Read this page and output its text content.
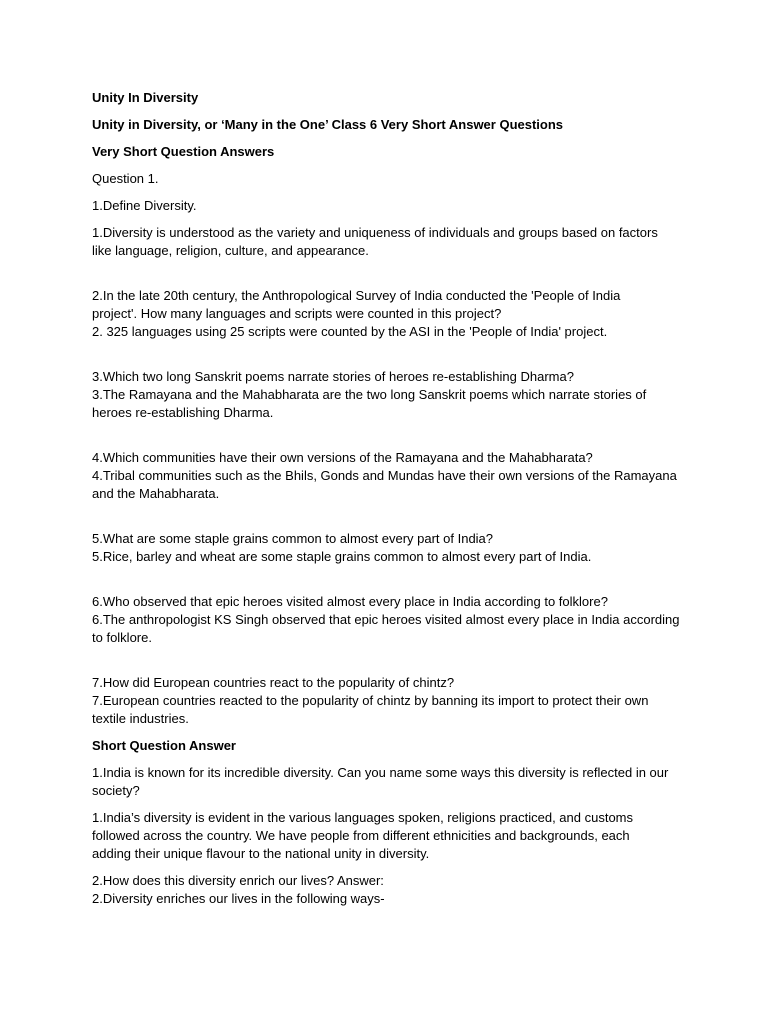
Unity In Diversity

Unity in Diversity, or ‘Many in the One’ Class 6 Very Short Answer Questions

Very Short Question Answers

Question 1.

1.Define Diversity.

1.Diversity is understood as the variety and uniqueness of individuals and groups based on factors

like language, religion, culture, and appearance.

2.In the late 20th century, the Anthropological Survey of India conducted the 'People of India

project'. How many languages and scripts were counted in this project?

2. 325 languages using 25 scripts were counted by the ASI in the 'People of India' project.

3.Which two long Sanskrit poems narrate stories of heroes re-establishing Dharma?

3.The Ramayana and the Mahabharata are the two long Sanskrit poems which narrate stories of

heroes re-establishing Dharma.

4.Which communities have their own versions of the Ramayana and the Mahabharata?

4.Tribal communities such as the Bhils, Gonds and Mundas have their own versions of the Ramayana

and the Mahabharata.

5.What are some staple grains common to almost every part of India?

5.Rice, barley and wheat are some staple grains common to almost every part of India.

6.Who observed that epic heroes visited almost every place in India according to folklore?

6.The anthropologist KS Singh observed that epic heroes visited almost every place in India according

to folklore.

7.How did European countries react to the popularity of chintz?

7.European countries reacted to the popularity of chintz by banning its import to protect their own

textile industries.

Short Question Answer

1.India is known for its incredible diversity. Can you name some ways this diversity is reflected in our

society?

1.India’s diversity is evident in the various languages spoken, religions practiced, and customs

followed across the country. We have people from different ethnicities and backgrounds, each

adding their unique flavour to the national unity in diversity.

2.How does this diversity enrich our lives? Answer:

2.Diversity enriches our lives in the following ways-
